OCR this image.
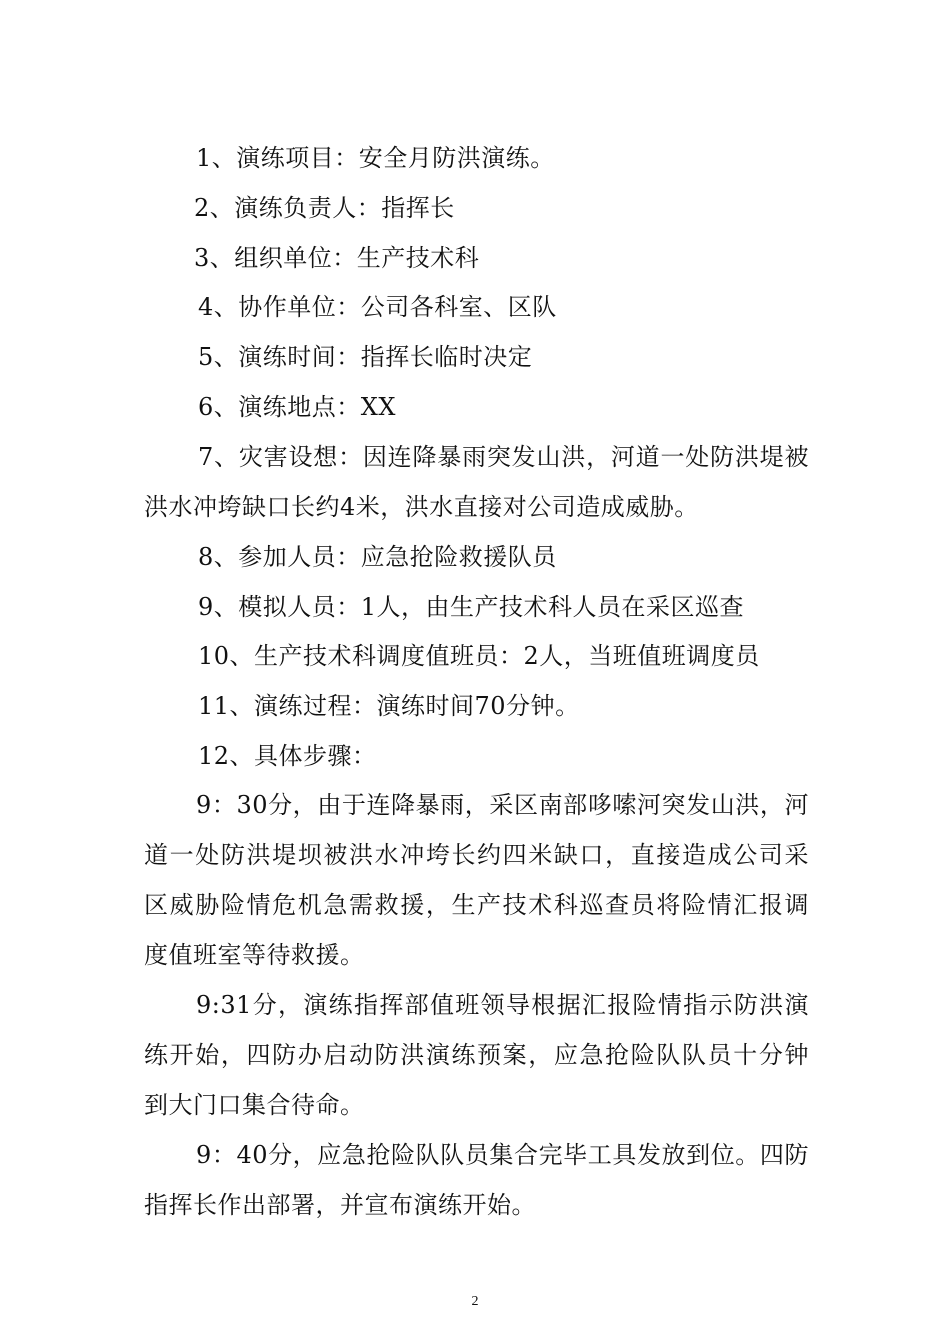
1、演练项目：安全月防洪演练。
2、演练负责人：指挥长
3、组织单位：生产技术科
4、协作单位：公司各科室、区队
5、演练时间：指挥长临时决定
6、演练地点：XX
7、灾害设想：因连降暴雨突发山洪，河道一处防洪堤被
洪水冲垮缺口长约4米，洪水直接对公司造成威胁。
8、参加人员：应急抢险救援队员
9、模拟人员：1人，由生产技术科人员在采区巡查
10、生产技术科调度值班员：2人，当班值班调度员
11、演练过程：演练时间70分钟。
12、具体步骤：
9：30分，由于连降暴雨，采区南部哆嗦河突发山洪，河
道一处防洪堤坝被洪水冲垮长约四米缺口，直接造成公司采
区威胁险情危机急需救援，生产技术科巡查员将险情汇报调
度值班室等待救援。
9:31分，演练指挥部值班领导根据汇报险情指示防洪演
练开始，四防办启动防洪演练预案，应急抢险队队员十分钟
到大门口集合待命。
9：40分，应急抢险队队员集合完毕工具发放到位。四防
指挥长作出部署，并宣布演练开始。
2
